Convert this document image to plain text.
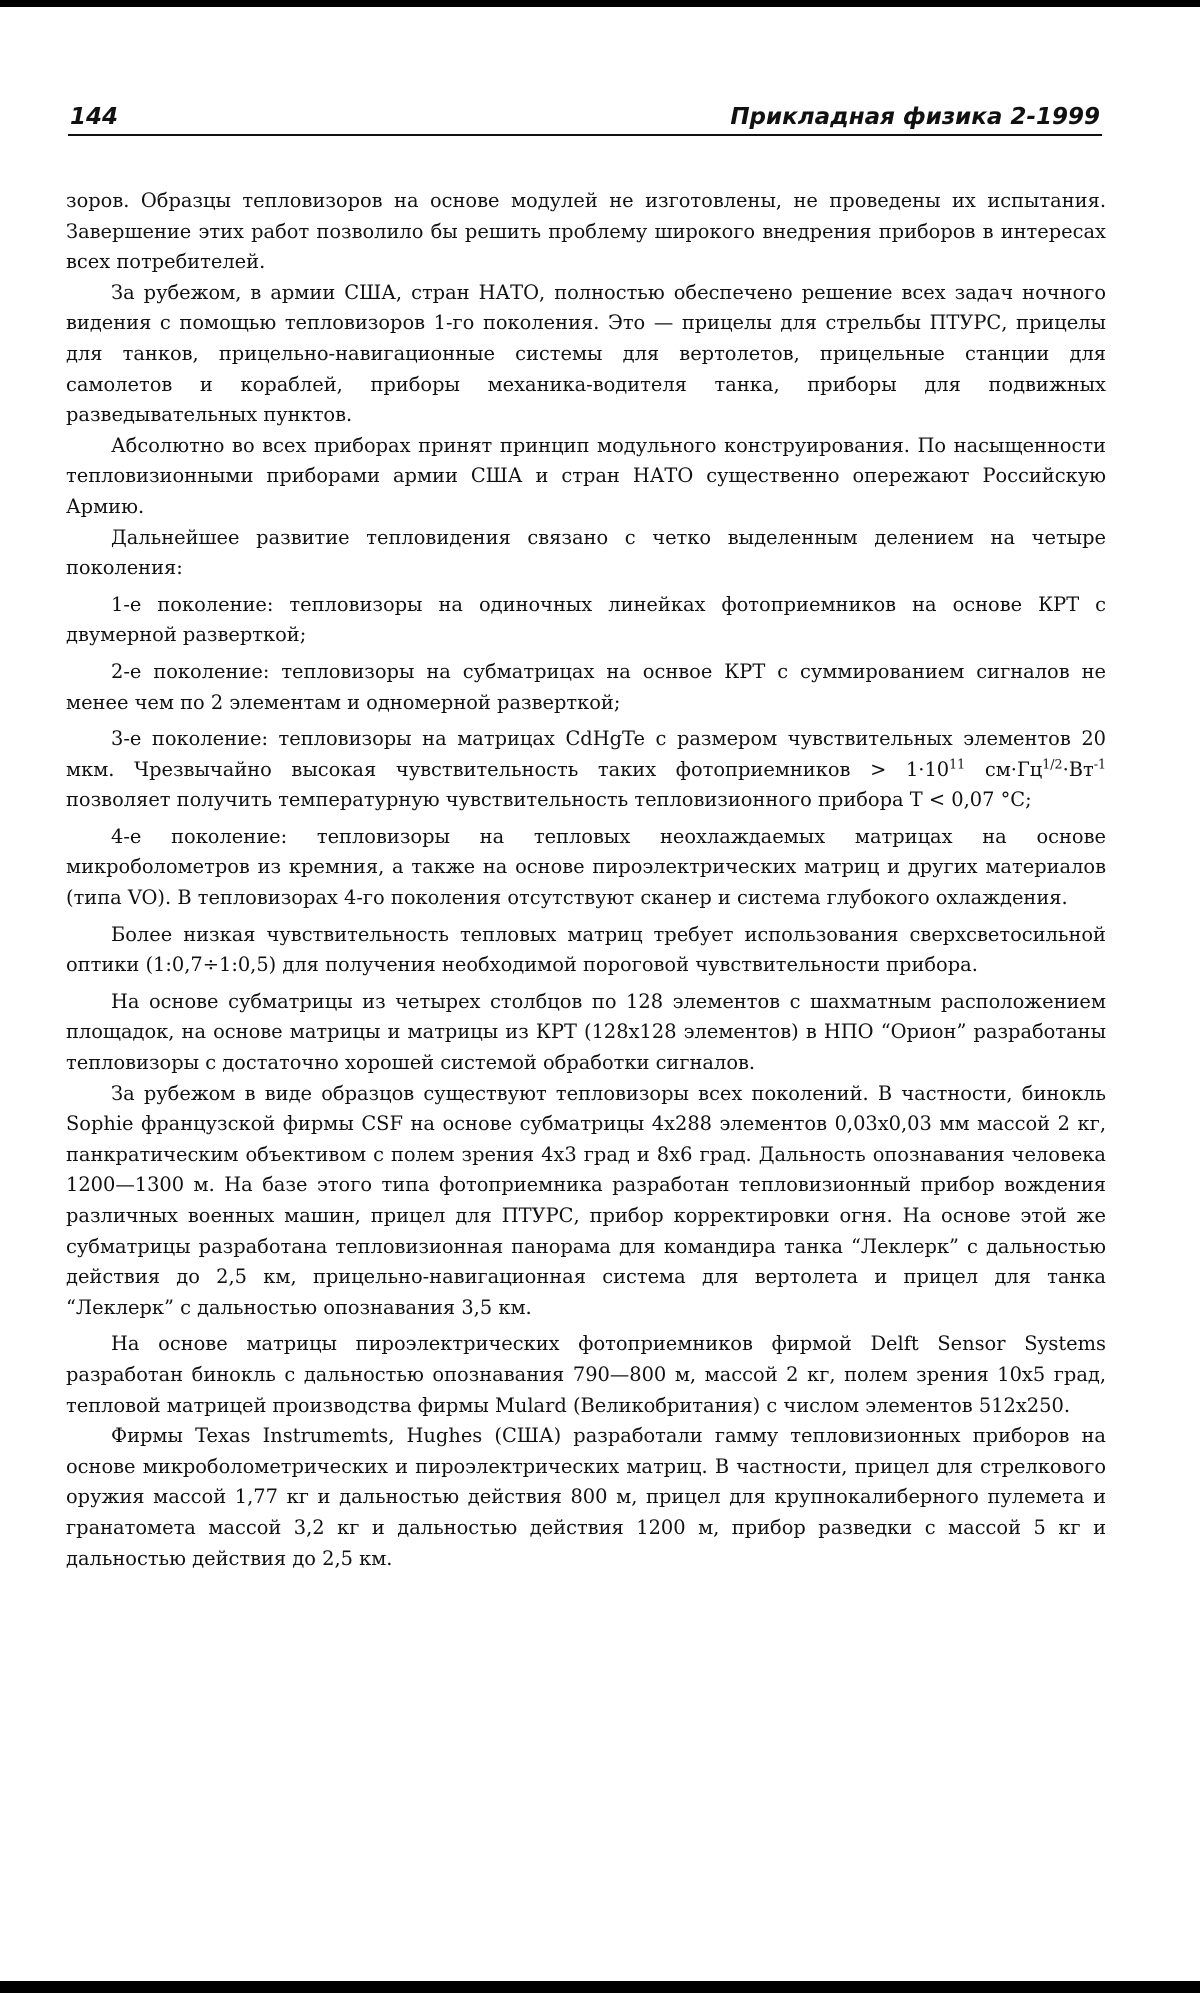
144	Прикладная физика 2-1999

зоров. Образцы тепловизоров на основе модулей не изготовлены, не проведены их испытания. Завершение этих работ позволило бы решить проблему широкого внедрения приборов в интересах всех потребителей.

За рубежом, в армии США, стран НАТО, полностью обеспечено решение всех задач ночного видения с помощью тепловизоров 1-го поколения. Это — прицелы для стрельбы ПТУРС, прицелы для танков, прицельно-навигационные системы для вертолетов, прицельные станции для самолетов и кораблей, приборы механика-водителя танка, приборы для подвижных разведывательных пунктов.

Абсолютно во всех приборах принят принцип модульного конструирования. По насыщенности тепловизионными приборами армии США и стран НАТО существенно опережают Российскую Армию.

Дальнейшее развитие тепловидения связано с четко выделенным делением на четыре поколения:

1-е поколение: тепловизоры на одиночных линейках фотоприемников на основе КРТ с двумерной разверткой;

2-е поколение: тепловизоры на субматрицах на оснвое КРТ с суммированием сигналов не менее чем по 2 элементам и одномерной разверткой;

3-е поколение: тепловизоры на матрицах CdHgTe с размером чувствительных элементов 20 мкм. Чрезвычайно высокая чувствительность таких фотоприемников > $1\cdot 10^{11}$ $см\cdot Гц^{1/2}\cdot Вт^{-1}$ позволяет получить температурную чувствительность тепловизионного прибора T < 0,07 °С;

4-е поколение: тепловизоры на тепловых неохлаждаемых матрицах на основе микроболометров из кремния, а также на основе пироэлектрических матриц и других материалов (типа VO). В тепловизорах 4-го поколения отсутствуют сканер и система глубокого охлаждения.

Более низкая чувствительность тепловых матриц требует использования сверхсветосильной оптики (1:0,7÷1:0,5) для получения необходимой пороговой чувствительности прибора.

На основе субматрицы из четырех столбцов по 128 элементов с шахматным расположением площадок, на основе матрицы и матрицы из КРТ (128x128 элементов) в НПО “Орион” разработаны тепловизоры с достаточно хорошей системой обработки сигналов.

За рубежом в виде образцов существуют тепловизоры всех поколений. В частности, бинокль Sophie французской фирмы CSF на основе субматрицы 4x288 элементов 0,03x0,03 мм массой 2 кг, панкратическим объективом с полем зрения 4x3 град и 8x6 град. Дальность опознавания человека 1200—1300 м. На базе этого типа фотоприемника разработан тепловизионный прибор вождения различных военных машин, прицел для ПТУРС, прибор корректировки огня. На основе этой же субматрицы разработана тепловизионная панорама для командира танка “Леклерк” с дальностью действия до 2,5 км, прицельно-навигационная система для вертолета и прицел для танка “Леклерк” с дальностью опознавания 3,5 км.

На основе матрицы пироэлектрических фотоприемников фирмой Delft Sensor Systems разработан бинокль с дальностью опознавания 790—800 м, массой 2 кг, полем зрения 10x5 град, тепловой матрицей производства фирмы Mulard (Великобритания) с числом элементов 512x250.

Фирмы Texas Instrumemts, Hughes (США) разработали гамму тепловизионных приборов на основе микроболометрических и пироэлектрических матриц. В частности, прицел для стрелкового оружия массой 1,77 кг и дальностью действия 800 м, прицел для крупнокалиберного пулемета и гранатомета массой 3,2 кг и дальностью действия 1200 м, прибор разведки с массой 5 кг и дальностью действия до 2,5 км.
